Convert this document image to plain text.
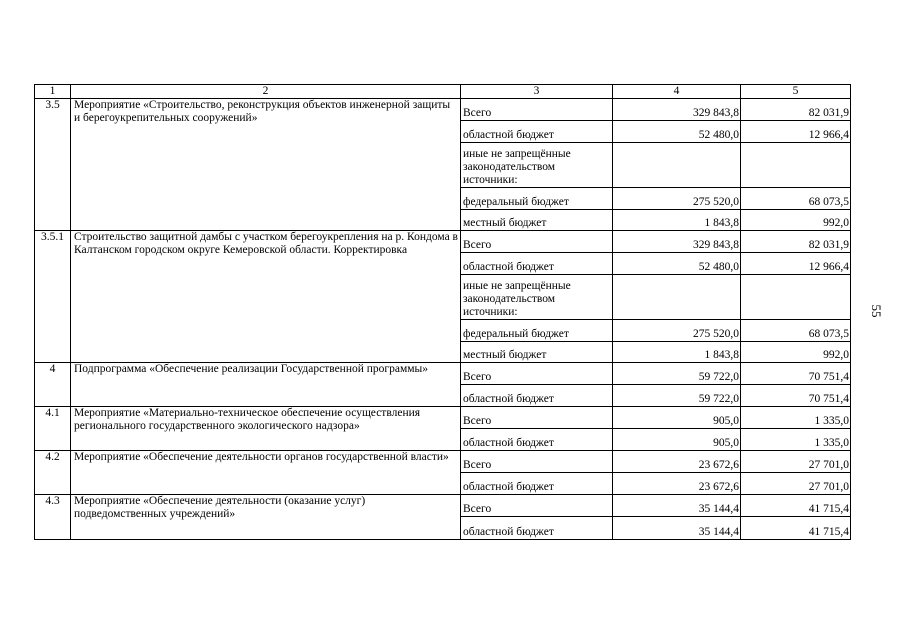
1	2	3	4	5
3.5	Мероприятие «Строительство, реконструкция объектов инженерной защиты и берегоукрепительных сооружений»	Всего	329 843,8	82 031,9
		областной бюджет	52 480,0	12 966,4
		иные не запрещённые законодательством источники:		
		федеральный бюджет	275 520,0	68 073,5
		местный бюджет	1 843,8	992,0
3.5.1	Строительство защитной дамбы с участком берегоукрепления на р. Кондома в Калтанском городском округе Кемеровской области. Корректировка	Всего	329 843,8	82 031,9
		областной бюджет	52 480,0	12 966,4
		иные не запрещённые законодательством источники:		
		федеральный бюджет	275 520,0	68 073,5
		местный бюджет	1 843,8	992,0
4	Подпрограмма «Обеспечение реализации Государственной программы»	Всего	59 722,0	70 751,4
		областной бюджет	59 722,0	70 751,4
4.1	Мероприятие «Материально-техническое обеспечение осуществления регионального государственного экологического надзора»	Всего	905,0	1 335,0
		областной бюджет	905,0	1 335,0
4.2	Мероприятие «Обеспечение деятельности органов государственной власти»	Всего	23 672,6	27 701,0
		областной бюджет	23 672,6	27 701,0
4.3	Мероприятие «Обеспечение деятельности (оказание услуг) подведомственных учреждений»	Всего	35 144,4	41 715,4
		областной бюджет	35 144,4	41 715,4
55
